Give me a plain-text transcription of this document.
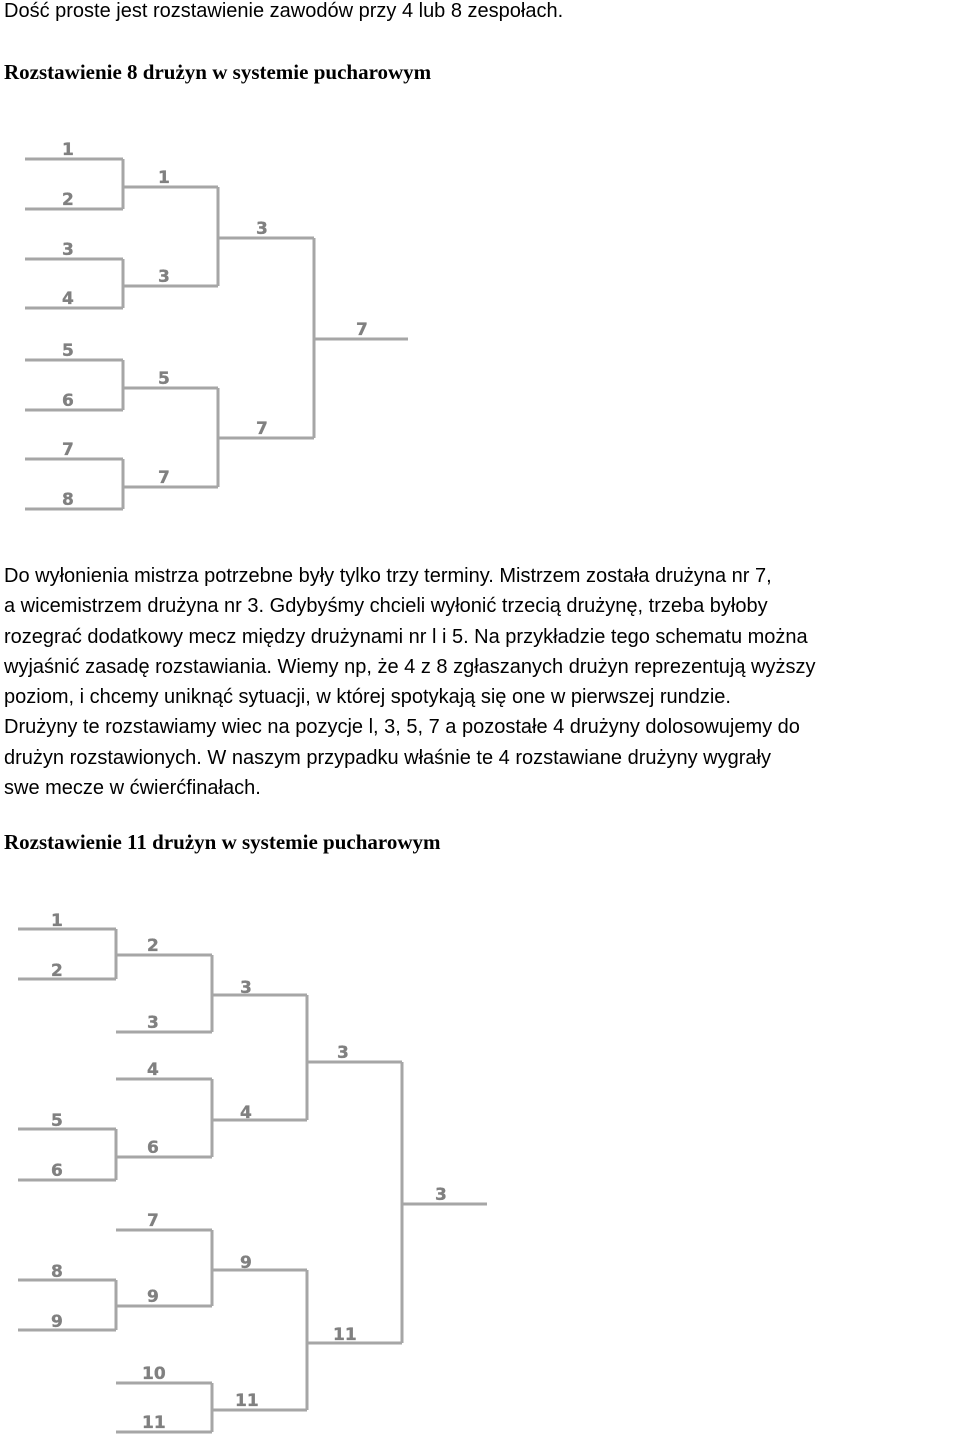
Dość proste jest rozstawienie zawodów przy 4 lub 8 zespołach.
Rozstawienie 8 drużyn w systemie pucharowym
1
2
3
4
5
6
7
8
1
3
5
7
3
7
7
Do wyłonienia mistrza potrzebne były tylko trzy terminy. Mistrzem została drużyna nr 7,
a wicemistrzem drużyna nr 3. Gdybyśmy chcieli wyłonić trzecią drużynę, trzeba byłoby
rozegrać dodatkowy mecz między drużynami nr l i 5. Na przykładzie tego schematu można
wyjaśnić zasadę rozstawiania. Wiemy np, że 4 z 8 zgłaszanych drużyn reprezentują wyższy
poziom, i chcemy uniknąć sytuacji, w której spotykają się one w pierwszej rundzie.
Drużyny te rozstawiamy wiec na pozycje l, 3, 5, 7 a pozostałe 4 drużyny dolosowujemy do
drużyn rozstawionych. W naszym przypadku właśnie te 4 rozstawiane drużyny wygrały
swe mecze w ćwierćfinałach.
Rozstawienie 11 drużyn w systemie pucharowym
1
2
5
6
8
9
2
3
4
6
7
9
10
11
3
4
9
11
3
11
3
